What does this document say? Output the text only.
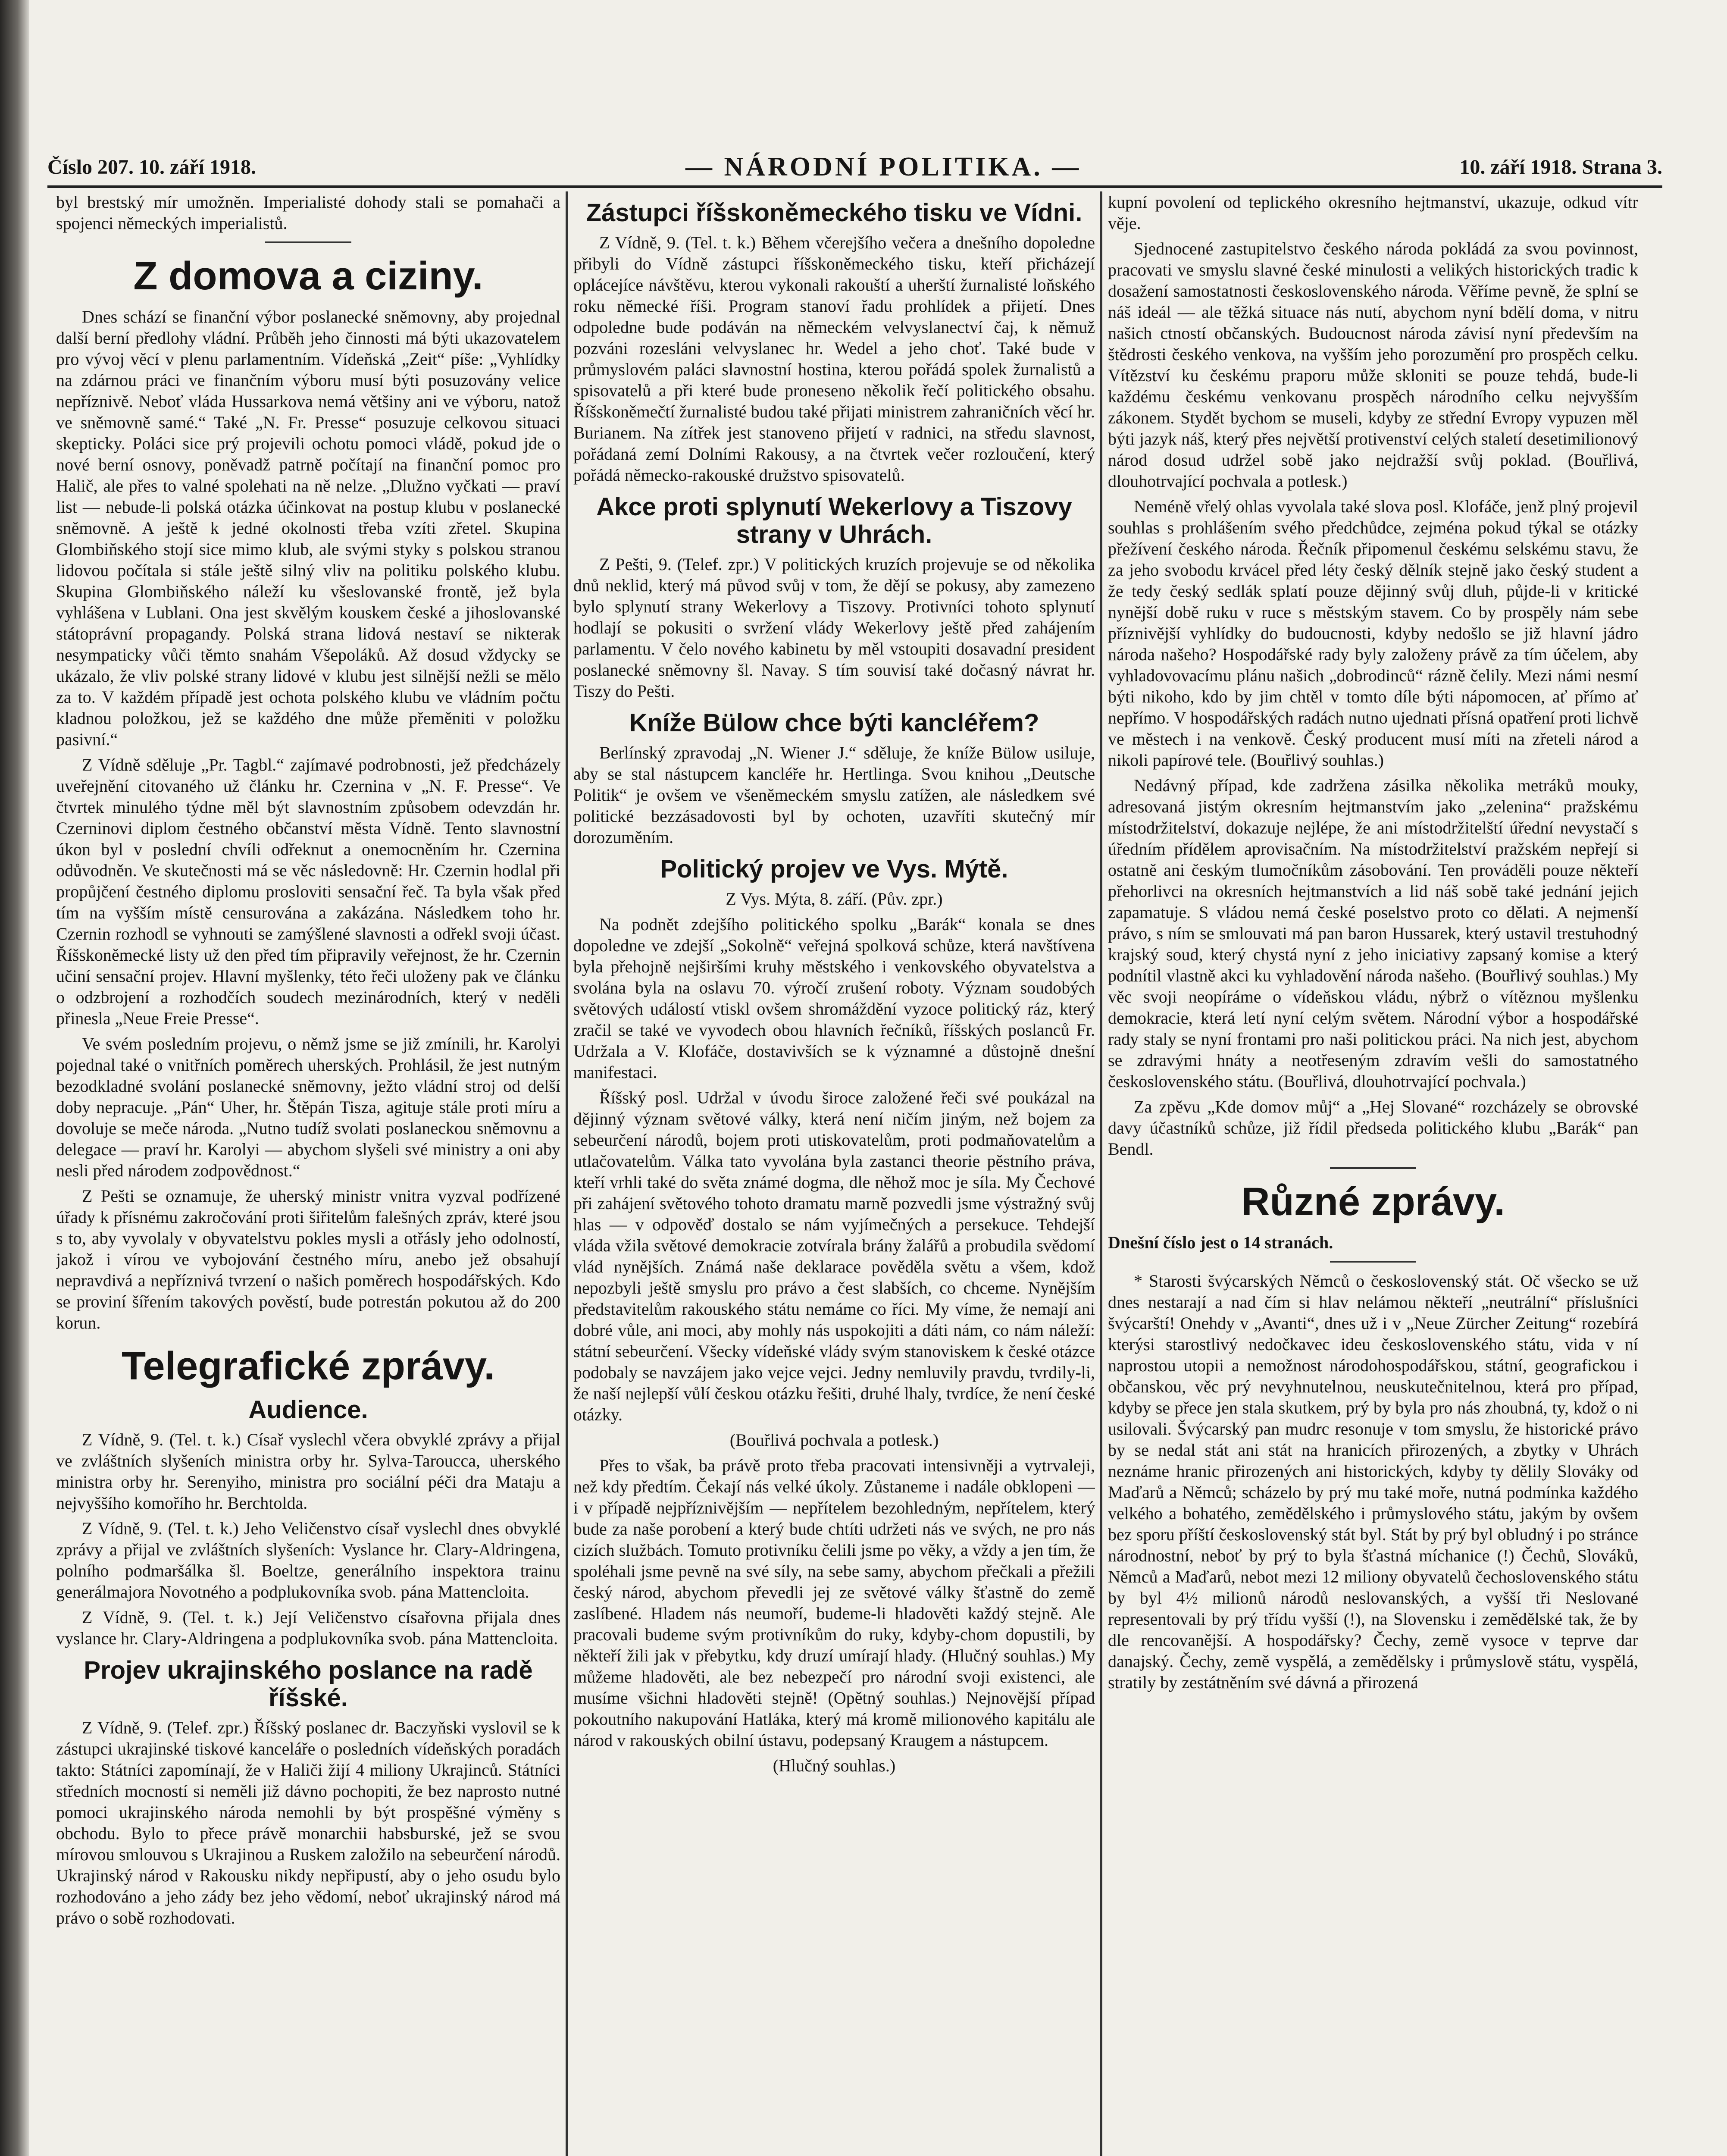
Číslo 207. 10. září 1918.	— NÁRODNÍ POLITIKA. —	10. září 1918. Strana 3.

byl brestský mír umožněn. Imperialisté dohody stali se pomahači a spojenci německých imperialistů.

Z domova a ciziny.

Dnes schází se finanční výbor poslanecké sněmovny, aby projednal další berní předlohy vládní. Průběh jeho činnosti má býti ukazovatelem pro vývoj věcí v plenu parlamentním. Vídeňská „Zeit“ píše: „Vyhlídky na zdárnou práci ve finančním výboru musí býti posuzovány velice nepříznivě. Neboť vláda Hussarkova nemá většiny ani ve výboru, natož ve sněmovně samé.“ Také „N. Fr. Presse“ posuzuje celkovou situaci skepticky. Poláci sice prý projevili ochotu pomoci vládě, pokud jde o nové berní osnovy, poněvadž patrně počítají na finanční pomoc pro Halič, ale přes to valné spolehati na ně nelze. „Dlužno vyčkati — praví list — nebude-li polská otázka účinkovat na postup klubu v poslanecké sněmovně. A ještě k jedné okolnosti třeba vzíti zřetel. Skupina Glombiňského stojí sice mimo klub, ale svými styky s polskou stranou lidovou počítala si stále ještě silný vliv na politiku polského klubu. Skupina Glombiňského náleží ku všeslovanské frontě, jež byla vyhlášena v Lublani. Ona jest skvělým kouskem české a jihoslovanské státoprávní propagandy. Polská strana lidová nestaví se nikterak nesympaticky vůči těmto snahám Všepoláků. Až dosud vždycky se ukázalo, že vliv polské strany lidové v klubu jest silnější nežli se mělo za to. V každém případě jest ochota polského klubu ve vládním počtu kladnou položkou, jež se každého dne může přeměniti v položku pasivní.“

Z Vídně sděluje „Pr. Tagbl.“ zajímavé podrobnosti, jež předcházely uveřejnění citovaného už článku hr. Czernina v „N. F. Presse“. Ve čtvrtek minulého týdne měl být slavnostním způsobem odevzdán hr. Czerninovi diplom čestného občanství města Vídně. Tento slavnostní úkon byl v poslední chvíli odřeknut a onemocněním hr. Czernina odůvodněn. Ve skutečnosti má se věc následovně: Hr. Czernin hodlal při propůjčení čestného diplomu prosloviti sensační řeč. Ta byla však před tím na vyšším místě censurována a zakázána. Následkem toho hr. Czernin rozhodl se vyhnouti se zamýšlené slavnosti a odřekl svoji účast. Říšskoněmecké listy už den před tím připravily veřejnost, že hr. Czernin učiní sensační projev. Hlavní myšlenky, této řeči uloženy pak ve článku o odzbrojení a rozhodčích soudech mezinárodních, který v neděli přinesla „Neue Freie Presse“.

Ve svém posledním projevu, o němž jsme se již zmínili, hr. Karolyi pojednal také o vnitřních poměrech uherských. Prohlásil, že jest nutným bezodkladné svolání poslanecké sněmovny, ježto vládní stroj od delší doby nepracuje. „Pán“ Uher, hr. Štěpán Tisza, agituje stále proti míru a dovoluje se meče národa. „Nutno tudíž svolati poslaneckou sněmovnu a delegace — praví hr. Karolyi — abychom slyšeli své ministry a oni aby nesli před národem zodpovědnost.“

Z Pešti se oznamuje, že uherský ministr vnitra vyzval podřízené úřady k přísnému zakročování proti šiřitelům falešných zpráv, které jsou s to, aby vyvolaly v obyvatelstvu pokles mysli a otřásly jeho odolností, jakož i vírou ve vybojování čestného míru, anebo jež obsahují nepravdivá a nepříznivá tvrzení o našich poměrech hospodářských. Kdo se proviní šířením takových pověstí, bude potrestán pokutou až do 200 korun.

Telegrafické zprávy.
Audience.

Z Vídně, 9. (Tel. t. k.) Císař vyslechl včera obvyklé zprávy a přijal ve zvláštních slyšeních ministra orby hr. Sylva-Taroucca, uherského ministra orby hr. Serenyiho, ministra pro sociální péči dra Mataju a nejvyššího komořího hr. Berchtolda.

Z Vídně, 9. (Tel. t. k.) Jeho Veličenstvo císař vyslechl dnes obvyklé zprávy a přijal ve zvláštních slyšeních: Vyslance hr. Clary-Aldringena, polního podmaršálka šl. Boeltze, generálního inspektora trainu generálmajora Novotného a podplukovníka svob. pána Mattencloita.

Z Vídně, 9. (Tel. t. k.) Její Veličenstvo císařovna přijala dnes vyslance hr. Clary-Aldringena a podplukovníka svob. pána Mattencloita.

Projev ukrajinského poslance na radě říšské.

Z Vídně, 9. (Telef. zpr.) Říšský poslanec dr. Baczyňski vyslovil se k zástupci ukrajinské tiskové kanceláře o posledních vídeňských poradách takto: Státníci zapomínají, že v Haliči žijí 4 miliony Ukrajinců. Státníci středních mocností si neměli již dávno pochopiti, že bez naprosto nutné pomoci ukrajinského národa nemohli by být prospěšné výměny s obchodu. Bylo to přece právě monarchii habsburské, jež se svou mírovou smlouvou s Ukrajinou a Ruskem založilo na sebeurčení národů. Ukrajinský národ v Rakousku nikdy nepřipustí, aby o jeho osudu bylo rozhodováno a jeho zády bez jeho vědomí, neboť ukrajinský národ má právo o sobě rozhodovati.

Zástupci říšskoněmeckého tisku ve Vídni.

Z Vídně, 9. (Tel. t. k.) Během včerejšího večera a dnešního dopoledne přibyli do Vídně zástupci říšskoněmeckého tisku, kteří přicházejí oplácejíce návštěvu, kterou vykonali rakouští a uherští žurnalisté loňského roku německé říši. Program stanoví řadu prohlídek a přijetí. Dnes odpoledne bude podáván na německém velvyslanectví čaj, k němuž pozváni rozesláni velvyslanec hr. Wedel a jeho choť. Také bude v průmyslovém paláci slavnostní hostina, kterou pořádá spolek žurnalistů a spisovatelů a při které bude proneseno několik řečí politického obsahu. Říšskoněmečtí žurnalisté budou také přijati ministrem zahraničních věcí hr. Burianem. Na zítřek jest stanoveno přijetí v radnici, na středu slavnost, pořádaná zemí Dolními Rakousy, a na čtvrtek večer rozloučení, který pořádá německo-rakouské družstvo spisovatelů.

Akce proti splynutí Wekerlovy a Tiszovy strany v Uhrách.

Z Pešti, 9. (Telef. zpr.) V politických kruzích projevuje se od několika dnů neklid, který má původ svůj v tom, že dějí se pokusy, aby zamezeno bylo splynutí strany Wekerlovy a Tiszovy. Protivníci tohoto splynutí hodlají se pokusiti o svržení vlády Wekerlovy ještě před zahájením parlamentu. V čelo nového kabinetu by měl vstoupiti dosavadní president poslanecké sněmovny šl. Navay. S tím souvisí také dočasný návrat hr. Tiszy do Pešti.

Kníže Bülow chce býti kancléřem?

Berlínský zpravodaj „N. Wiener J.“ sděluje, že kníže Bülow usiluje, aby se stal nástupcem kancléře hr. Hertlinga. Svou knihou „Deutsche Politik“ je ovšem ve všeněmeckém smyslu zatížen, ale následkem své politické bezzásadovosti byl by ochoten, uzavříti skutečný mír dorozuměním.

Politický projev ve Vys. Mýtě.

Z Vys. Mýta, 8. září. (Pův. zpr.)

Na podnět zdejšího politického spolku „Barák“ konala se dnes dopoledne ve zdejší „Sokolně“ veřejná spolková schůze, která navštívena byla přehojně nejširšími kruhy městského i venkovského obyvatelstva a svolána byla na oslavu 70. výročí zrušení roboty. Význam soudobých světových událostí vtiskl ovšem shromáždění vyzoce politický ráz, který zračil se také ve vyvodech obou hlavních řečníků, říšských poslanců Fr. Udržala a V. Klofáče, dostavivších se k významné a důstojně dnešní manifestaci.

Říšský posl. Udržal v úvodu široce založené řeči své poukázal na dějinný význam světové války, která není ničím jiným, než bojem za sebeurčení národů, bojem proti utiskovatelům, proti podmaňovatelům a utlačovatelům. Válka tato vyvolána byla zastanci theorie pěstního práva, kteří vrhli také do světa známé dogma, dle něhož moc je síla. My Čechové při zahájení světového tohoto dramatu marně pozvedli jsme výstražný svůj hlas — v odpověď dostalo se nám vyjímečných a persekuce. Tehdejší vláda vžila světové demokracie zotvírala brány žalářů a probudila svědomí vlád nynějších. Známá naše deklarace pověděla světu a všem, kdož nepozbyli ještě smyslu pro právo a čest slabších, co chceme. Nynějším představitelům rakouského státu nemáme co říci. My víme, že nemají ani dobré vůle, ani moci, aby mohly nás uspokojiti a dáti nám, co nám náleží: státní sebeurčení. Všecky vídeňské vlády svým stanoviskem k české otázce podobaly se navzájem jako vejce vejci. Jedny nemluvily pravdu, tvrdily-li, že naší nejlepší vůlí českou otázku řešiti, druhé lhaly, tvrdíce, že není české otázky.

(Bouřlivá pochvala a potlesk.)

Přes to však, ba právě proto třeba pracovati intensivněji a vytrvaleji, než kdy předtím. Čekají nás velké úkoly. Zůstaneme i nadále obklopeni — i v případě nejpříznivějším — nepřítelem bezohledným, nepřítelem, který bude za naše porobení a který bude chtíti udržeti nás ve svých, ne pro nás cizích službách. Tomuto protivníku čelili jsme po věky, a vždy a jen tím, že spoléhali jsme pevně na své síly, na sebe samy, abychom přečkali a přežili český národ, abychom převedli jej ze světové války šťastně do země zaslíbené. Hladem nás neumoří, budeme-li hladověti každý stejně. Ale pracovali budeme svým protivníkům do ruky, kdyby-chom dopustili, by někteří žili jak v přebytku, kdy druzí umírají hlady. (Hlučný souhlas.) My můžeme hladověti, ale bez nebezpečí pro národní svoji existenci, ale musíme všichni hladověti stejně! (Opětný souhlas.) Nejnovější případ pokoutního nakupování Hatláka, který má kromě milionového kapitálu ale národ v rakouských obilní ústavu, podepsaný Kraugem a nástupcem.

(Hlučný souhlas.)

kupní povolení od teplického okresního hejtmanství, ukazuje, odkud vítr věje.

Sjednocené zastupitelstvo českého národa pokládá za svou povinnost, pracovati ve smyslu slavné české minulosti a velikých historických tradic k dosažení samostatnosti československého národa. Věříme pevně, že splní se náš ideál — ale těžká situace nás nutí, abychom nyní bdělí doma, v nitru našich ctností občanských. Budoucnost národa závisí nyní především na štědrosti českého venkova, na vyšším jeho porozumění pro prospěch celku. Vítězství ku českému praporu může skloniti se pouze tehdá, bude-li každému českému venkovanu prospěch národního celku nejvyšším zákonem. Stydět bychom se museli, kdyby ze střední Evropy vypuzen měl býti jazyk náš, který přes největší protivenství celých staletí desetimilionový národ dosud udržel sobě jako nejdražší svůj poklad. (Bouřlivá, dlouhotrvající pochvala a potlesk.)

Neméně vřelý ohlas vyvolala také slova posl. Klofáče, jenž plný projevil souhlas s prohlášením svého předchůdce, zejména pokud týkal se otázky přežívení českého národa. Řečník připomenul českému selskému stavu, že za jeho svobodu krvácel před léty český dělník stejně jako český student a že tedy český sedlák splatí pouze dějinný svůj dluh, půjde-li v kritické nynější době ruku v ruce s městským stavem. Co by prospěly nám sebe příznivější vyhlídky do budoucnosti, kdyby nedošlo se již hlavní jádro národa našeho? Hospodářské rady byly založeny právě za tím účelem, aby vyhladovovacímu plánu našich „dobrodinců“ rázně čelily. Mezi námi nesmí býti nikoho, kdo by jim chtěl v tomto díle býti nápomocen, ať přímo ať nepřímo. V hospodářských radách nutno ujednati přísná opatření proti lichvě ve městech i na venkově. Český producent musí míti na zřeteli národ a nikoli papírové tele. (Bouřlivý souhlas.)

Nedávný případ, kde zadržena zásilka několika metráků mouky, adresovaná jistým okresním hejtmanstvím jako „zelenina“ pražskému místodržitelství, dokazuje nejlépe, že ani místodržitelští úřední nevystačí s úředním přídělem aprovisačním. Na místodržitelství pražském nepřejí si ostatně ani českým tlumočníkům zásobování. Ten prováděli pouze někteří přehorlivci na okresních hejtmanstvích a lid náš sobě také jednání jejich zapamatuje. S vládou nemá české poselstvo proto co dělati. A nejmenší právo, s ním se smlouvati má pan baron Hussarek, který ustavil trestuhodný krajský soud, který chystá nyní z jeho iniciativy zapsaný komise a který podnítil vlastně akci ku vyhladovění národa našeho. (Bouřlivý souhlas.) My věc svoji neopíráme o vídeňskou vládu, nýbrž o vítěznou myšlenku demokracie, která letí nyní celým světem. Národní výbor a hospodářské rady staly se nyní frontami pro naši politickou práci. Na nich jest, abychom se zdravými hnáty a neotřeseným zdravím vešli do samostatného československého státu. (Bouřlivá, dlouhotrvající pochvala.)

Za zpěvu „Kde domov můj“ a „Hej Slované“ rozcházely se obrovské davy účastníků schůze, již řídil předseda politického klubu „Barák“ pan Bendl.

Různé zprávy.
Dnešní číslo jest o 14 stranách.

* Starosti švýcarských Němců o československý stát. Oč všecko se už dnes nestarají a nad čím si hlav nelámou někteří „neutrální“ příslušníci švýcarští! Onehdy v „Avanti“, dnes už i v „Neue Zürcher Zeitung“ rozebírá kterýsi starostlivý nedočkavec ideu československého státu, vida v ní naprostou utopii a nemožnost národohospodářskou, státní, geografickou i občanskou, věc prý nevyhnutelnou, neuskutečnitelnou, která pro případ, kdyby se přece jen stala skutkem, prý by byla pro nás zhoubná, ty, kdož o ni usilovali. Švýcarský pan mudrc resonuje v tom smyslu, že historické právo by se nedal stát ani stát na hranicích přirozených, a zbytky v Uhrách neznáme hranic přirozených ani historických, kdyby ty dělily Slováky od Maďarů a Němců; scházelo by prý mu také moře, nutná podmínka každého velkého a bohatého, zemědělského i průmyslového státu, jakým by ovšem bez sporu příští československý stát byl. Stát by prý byl obludný i po stránce národnostní, neboť by prý to byla šťastná míchanice (!) Čechů, Slováků, Němců a Maďarů, nebot mezi 12 miliony obyvatelů čechoslovenského státu by byl 4½ milionů národů neslovanských, a vyšší tři Neslované representovali by prý třídu vyšší (!), na Slovensku i zemědělské tak, že by dle rencovanější. A hospodářsky? Čechy, země vysoce v teprve dar danajský. Čechy, země vyspělá, a zemědělsky i průmyslově státu, vyspělá, stratily by zestátněním své dávná a přirozená
